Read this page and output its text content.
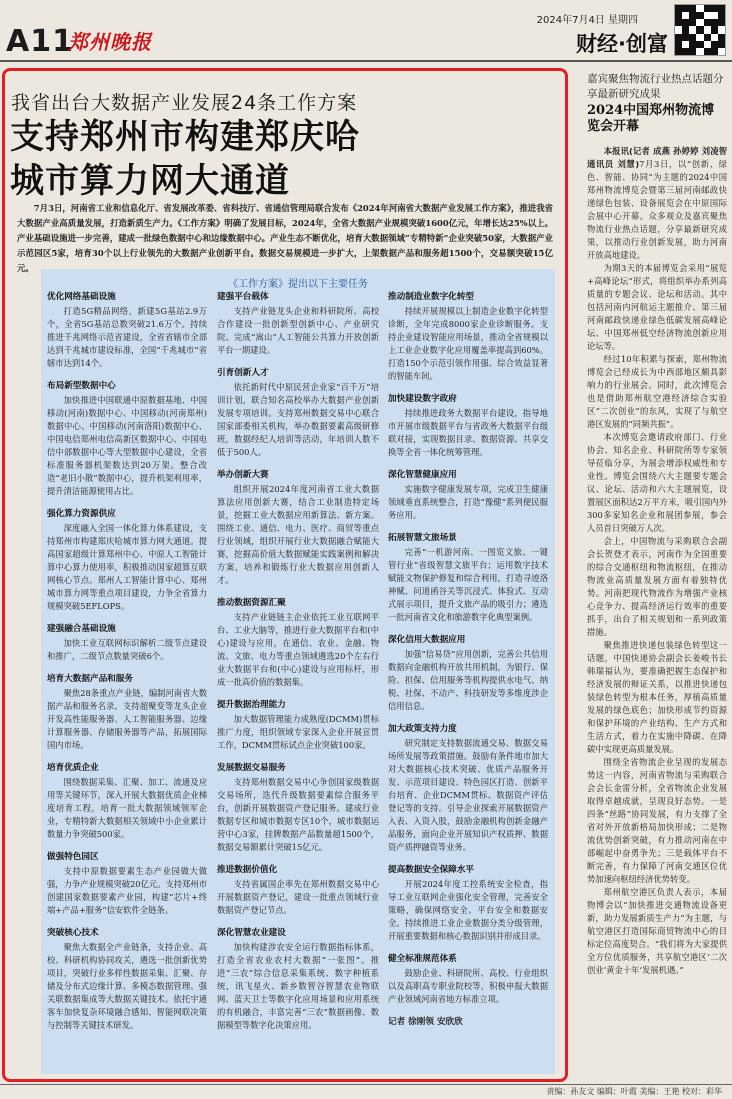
A11
郑州晚报
2024年7月4日 星期四
财经·创富
我省出台大数据产业发展24条工作方案
支持郑州市构建郑庆哈
城市算力网大通道

7月3日，河南省工业和信息化厅、省发展改革委、省科技厅、省通信管理局联合发布《2024年河南省大数据产业发展工作方案》，推进我省大数据产业高质量发展，打造新质生产力。《工作方案》明确了发展目标，2024年，全省大数据产业规模突破1600亿元，年增长达25%以上。产业基础设施进一步完善，建成一批绿色数据中心和边缘数据中心。产业生态不断优化，培育大数据领域“专精特新”企业突破50家，大数据产业示范园区5家，培育30个以上行业领先的大数据产业创新平台。数据交易规模进一步扩大，上架数据产品和服务超1500个，交易额突破15亿元。

《工作方案》提出以下主要任务
优化网络基础设施

打造5G精品网络，新建5G基站2.9万个，全省5G基站总数突破21.6万个。持续推进千兆网络示范省建设，全省省辖市全部达到千兆城市建设标准，全国“千兆城市”省辖市达到14个。

布局新型数据中心

加快推进中国联通中原数据基地、中国移动(河南)数据中心、中国移动(河南郑州)数据中心、中国移动(河南洛阳)数据中心、中国电信郑州电信高新区数据中心、中国电信中部数据中心等大型数据中心建设，全省标准服务器机架数达到20万架。整合改造“老旧小散”数据中心，提升机架利用率，提升清洁能源使用占比。

强化算力资源供应

深度融入全国一体化算力体系建设，支持郑州市构建郑庆哈城市算力网大通道。提高国家超级计算郑州中心、中原人工智能计算中心算力使用率，积极推动国家超算互联网核心节点、郑州人工智能计算中心、郑州城市算力网等重点项目建设，力争全省算力规模突破5EFLOPS。

建强融合基础设施

加快工业互联网标识解析二级节点建设和推广，二级节点数量突破6个。

培育大数据产品和服务

聚焦28条重点产业链，编制河南省大数据产品和服务名录。支持超聚变等龙头企业开发高性能服务器、人工智能服务器、边缘计算服务器、存储服务器等产品，拓展国际国内市场。

培育优质企业

围绕数据采集、汇聚、加工、流通及应用等关键环节，深入开展大数据优质企业梯度培育工程，培育一批大数据领域领军企业，专精特新大数据相关领域中小企业累计数量力争突破500家。

做强特色园区

支持中原数据要素生态产业园做大做强，力争产业规模突破20亿元。支持郑州市创建国家数据要素产业园，构建“芯片+终端+产品+服务”信安软件全链条。

突破核心技术

聚焦大数据全产业链条，支持企业、高校、科研机构协同攻关，遴选一批创新优势项目，突破行业多样性数据采集、汇聚、存储及分布式边缘计算、多模态数据管理、强关联数据集成等大数据关键技术。依托宇通客车加快复杂环境融合感知、智能网联决策与控制等关键技术研发。

建强平台载体

支持产业链龙头企业和科研院所、高校合作建设一批创新型创新中心、产业研究院。完成“嵩山”人工智能公共算力开放创新平台一期建设。

引育创新人才

依托新时代中原民营企业家“百千万”培训计划，联合知名高校举办大数据产业创新发展专项培训。支持郑州数据交易中心联合国家部委相关机构，举办数据要素高级研修班，数据经纪人培训等活动，年培训人数不低于500人。

举办创新大赛

组织开展2024年度河南省工业大数据算法应用创新大赛，结合工业制造特定场景，挖掘工业大数据应用新算法、新方案。围绕工业、通信、电力、医疗、商贸等重点行业领域，组织开展行业大数据融合赋能大赛，挖掘高价值大数据赋能实践案例和解决方案，培养和锻炼行业大数据应用创新人才。

推动数据资源汇聚

支持产业链链主企业依托工业互联网平台、工业大脑等，推进行业大数据平台和(中心)建设与应用，在通信、农业、金融、物流、文旅、电力等重点领域遴选20个左右行业大数据平台和(中心)建设与应用标杆，形成一批高价值的数据集。

提升数据治理能力

加大数据管理能力成熟度(DCMM)贯标推广力度，组织领域专家深入企业开展宣贯工作，DCMM贯标试点企业突破100家。

发展数据交易服务

支持郑州数据交易中心争创国家级数据交易场所，迭代升级数据要素综合服务平台，创新开展数据资产登记服务。建成行业数据专区和城市数据专区10个，城市数据运营中心3家，挂牌数据产品数量超1500个，数据交易额累计突破15亿元。

推进数据价值化

支持省属国企率先在郑州数据交易中心开展数据资产登记，建设一批重点领域行业数据资产登记节点。

深化智慧农业建设

加快构建涉农安全运行数据指标体系，打造全省农业农村大数据“一张图”。推进“三农”综合信息采集系统、数字种植系统，讯飞星火、新乡数智谷智慧农业物联网、蓝天卫士等数字化应用场景和应用系统的有机融合，丰富完善“三农”数据画像、数据模型等数字化决策应用。

推动制造业数字化转型

持续开展规模以上制造企业数字化转型诊断，全年完成8000家企业诊断服务。支持企业建设智能应用场景，推动全省规模以上工业企业数字化应用覆盖率提高到60%。打造150个示范引领作用强、综合效益显著的智能车间。

加快建设数字政府

持续推进政务大数据平台建设，指导地市开展市级数据平台与省政务大数据平台级联对接，实现数据目录、数据资源、共享交换等全省一体化统筹管理。

深化智慧健康应用

实施数字健康发展专项，完成卫生健康领域垂直系统整合，打造“豫健”系列便民服务应用。

拓展智慧文旅场景

完善“一机游河南、一图览文旅、一键管行业”省级智慧文旅平台；运用数字技术赋能文物保护修复和综合利用，打造寻迹洛神赋、问道函谷关等沉浸式、体验式、互动式展示项目，提升文旅产品的吸引力；遴选一批河南省文化和旅游数字化典型案例。

深化信用大数据应用

加强“信易贷”应用创新，完善公共信用数据向金融机构开放共用机制，为银行、保险、担保、信用服务等机构提供水电气、纳税、社保、不动产、科技研发等多维度涉企信用信息。

加大政策支持力度

研究制定支持数据流通交易、数据交易场所发展等政策措施。鼓励有条件地市加大对大数据核心技术突破、优质产品服务开发、示范项目建设、特色园区打造、创新平台培育、企业DCMM贯标、数据资产评估登记等的支持。引导企业探索开展数据资产入表、入资入股，鼓励金融机构创新金融产品服务，面向企业开展知识产权质押、数据资产质押融资等业务。

提高数据安全保障水平

开展2024年度工控系统安全检查，指导工业互联网企业强化安全管理，完善安全策略，确保网络安全、平台安全和数据安全。持续推进工业企业数据分类分级管理，开展重要数据和核心数据识别并形成目录。

健全标准规范体系

鼓励企业、科研院所、高校、行业组织以及高职高专职业院校等，积极申报大数据产业领域河南省地方标准立项。

记者 徐刚领 安欣欣
嘉宾聚焦物流行业热点话题分享最新研究成果
2024中国郑州物流博览会开幕

本报讯(记者 成燕 孙婷婷 刘凌智 通讯员 刘慧)7月3日，以“创新、绿色、智能、协同”为主题的2024中国郑州物流博览会暨第三届河南邮政快递绿色包装、设备展览会在中原国际会展中心开幕。众多观众及嘉宾聚焦物流行业热点话题，分享最新研究成果，以推动行业创新发展，助力河南开放高地建设。

为期3天的本届博览会采用“展览+高峰论坛”形式，将组织举办系列高质量的专题会议、论坛和活动。其中包括河南内河航运主题推介、第三届河南邮政快递业绿色低碳发展高峰论坛、中国郑州低空经济物流创新应用论坛等。

经过10年积累与探索，郑州物流博览会已经成长为中西部地区颇具影响力的行业展会。同时，此次博览会也是借助郑州航空港经济综合实验区“二次创业”的东风，实现了与航空港区发展的“同频共振”。

本次博览会邀请政府部门、行业协会、知名企业、科研院所等专家领导莅临分享，为展会增添权威性和专业性。博览会围绕六大主题要专题会议、论坛、活动和六大主题展览，设置展区面积达2万平方米，吸引国内外300多家知名企业和展团参展，参会人员首日突破万人次。

会上，中国物流与采购联合会副会长贺登才表示，河南作为全国重要的综合交通枢纽和物流枢纽，在推动物流业高质量发展方面有着独特优势。河南把现代物流作为增强产业核心竞争力、提高经济运行效率的重要抓手，出台了相关规划和一系列政策措施。

聚焦推进快递包装绿色转型这一话题，中国快递协会副会长姜峻书长韩瑞福认为，要准确把握生态保护和经济发展的辩证关系，以推进快递包装绿色转型为根本任务，厚植高质量发展的绿色底色；加快形成节约资源和保护环境的产业结构、生产方式和生活方式，着力在实施中降碳、在降碳中实现更高质量发展。

围绕全省物流企业呈现的发展态势这一内容，河南省物流与采购联合会会长金雷分析，全省物流企业发展取得卓越成就，呈现良好态势。一是四条“丝路”协同发展，有力支撑了全省对外开放新格局加快形成；二是物流优势创新突破，有力推动河南在中部崛起中奋勇争先；三是载体平台不断完善，有力保障了河南交通区位优势加速向枢纽经济优势转变。

郑州航空港区负责人表示，本届物博会以“加快推进交通物流设备更新，助力发展新质生产力”为主题，与航空港区打造国际商贸物流中心的目标定位高度契合。“我们将为大家提供全方位优质服务，共享航空港区‘二次创业’黄金十年‘发展机遇。”

责编：孙友文 编辑：叶霞 美编：王艳 校对：彩华
